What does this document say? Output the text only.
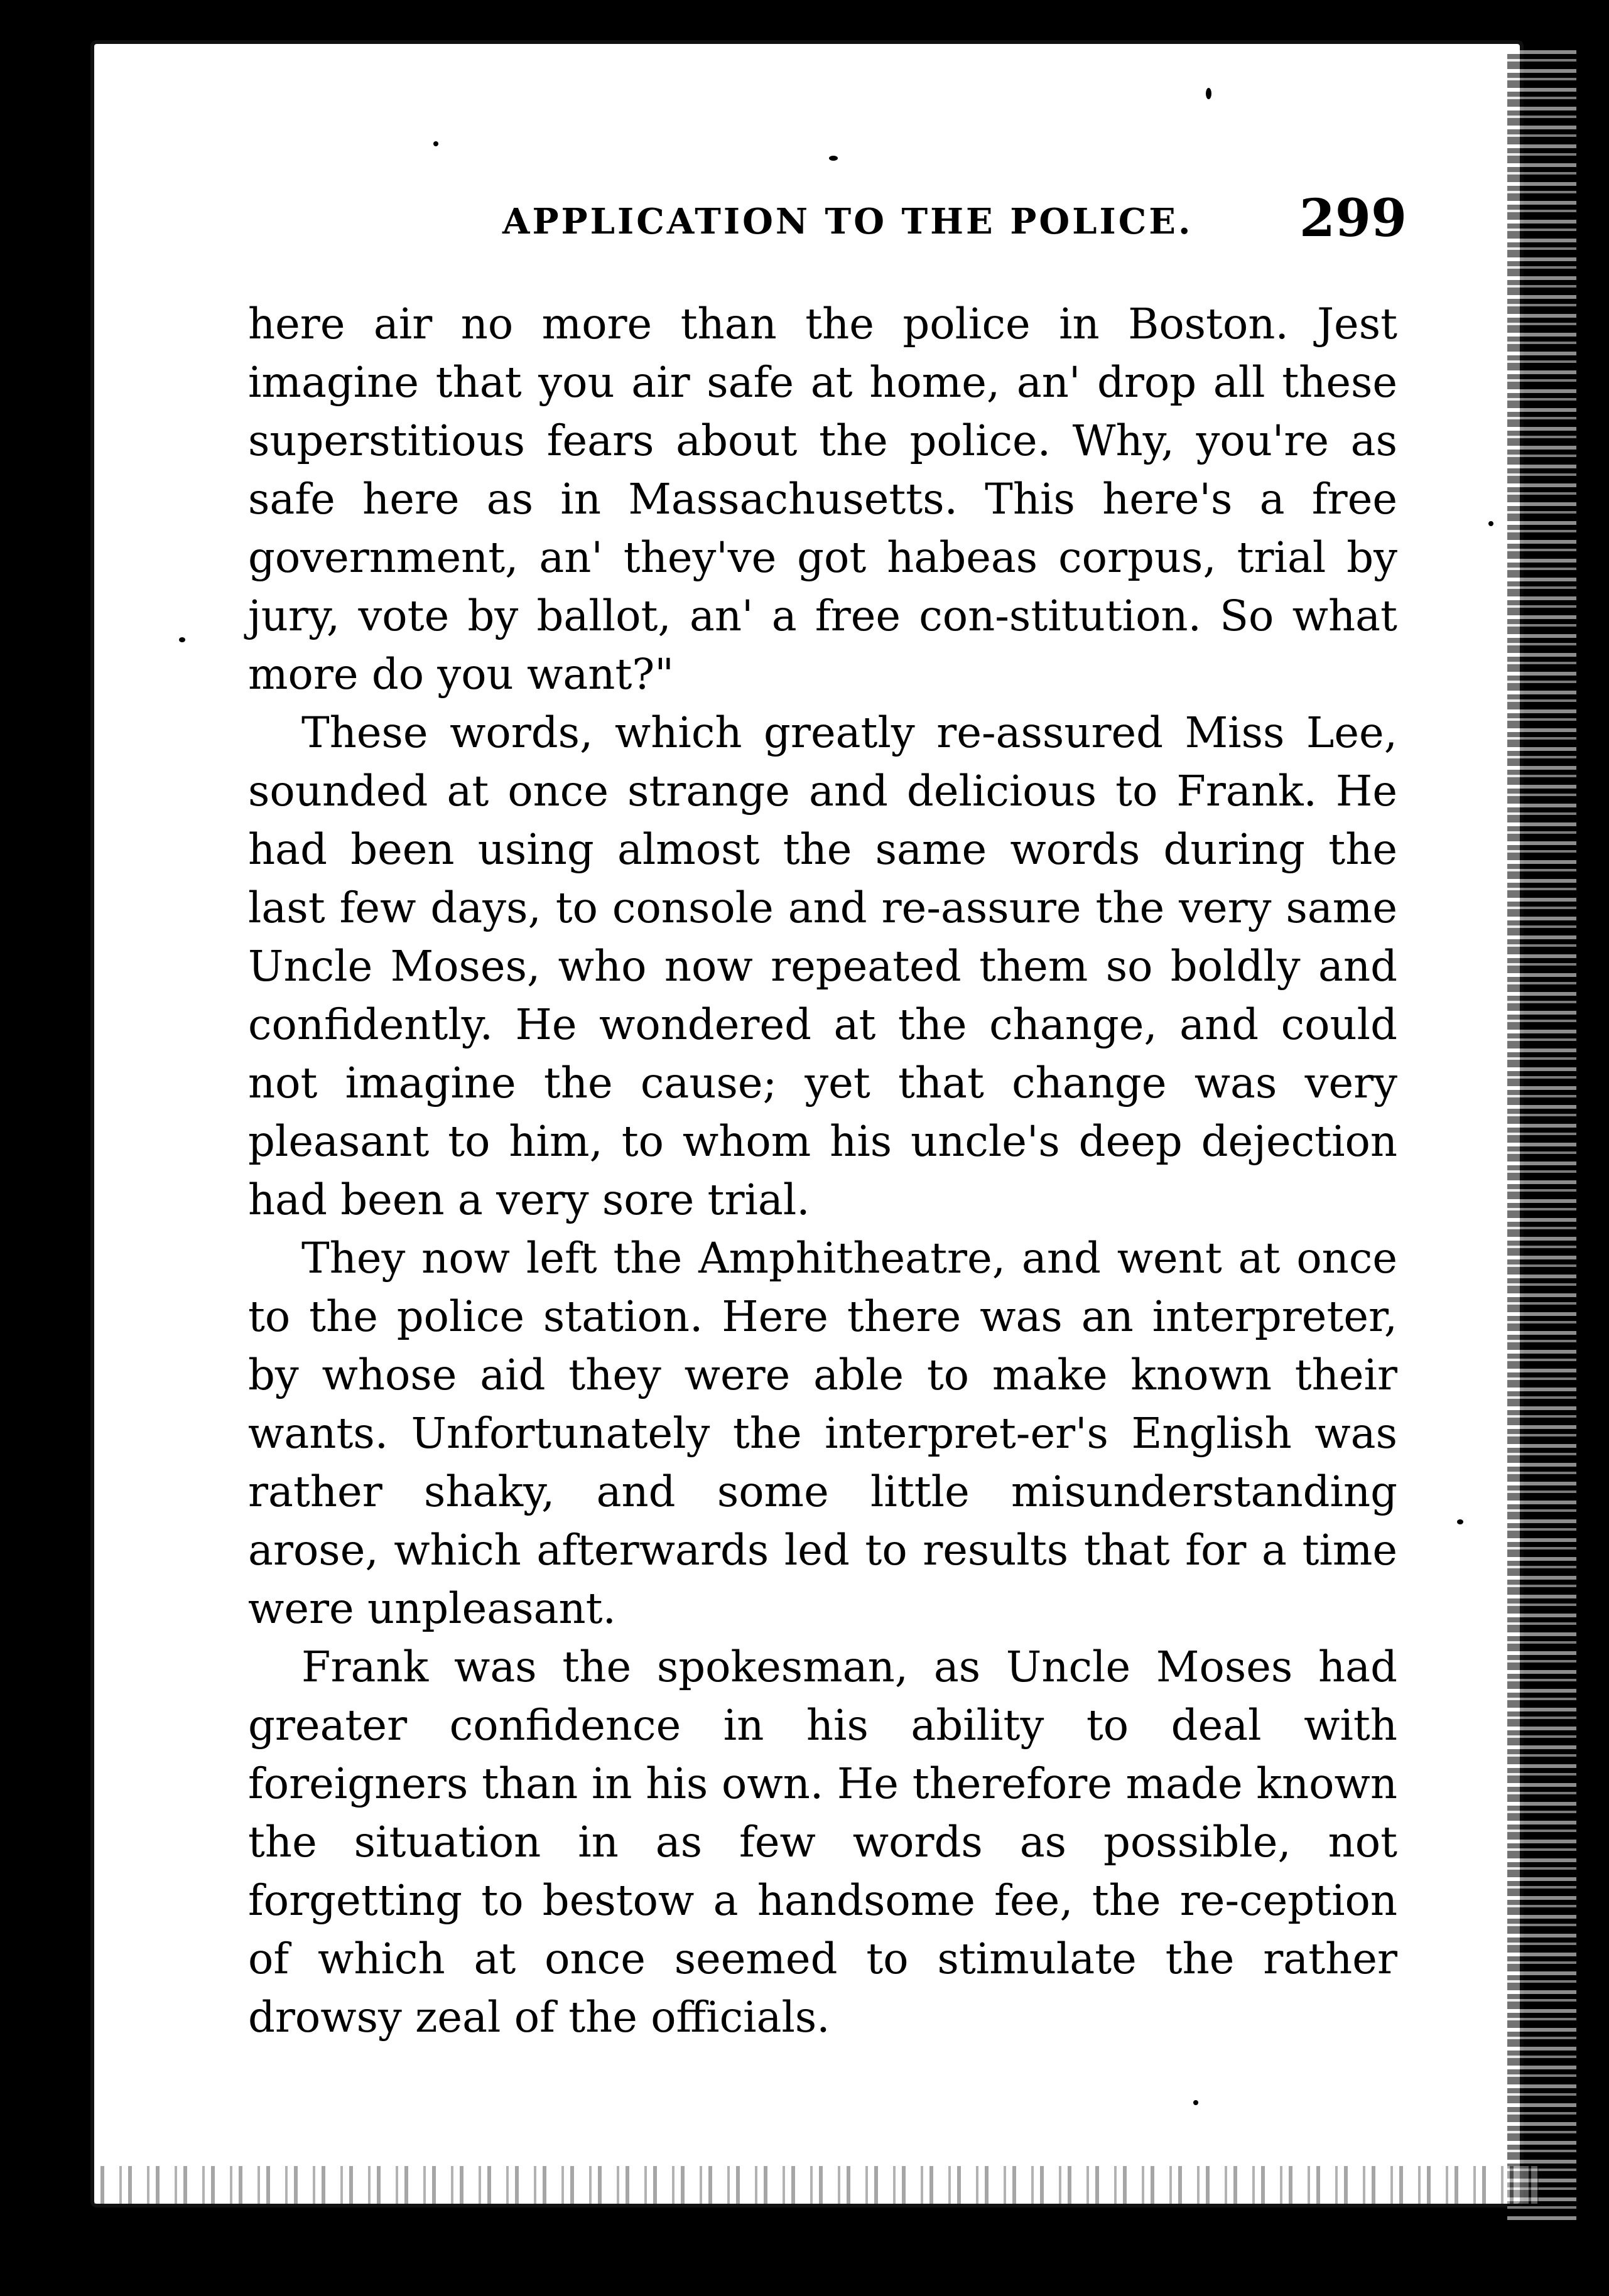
APPLICATION TO THE POLICE. 299

here air no more than the police in Boston. Jest imagine that you air safe at home, an' drop all these superstitious fears about the police. Why, you're as safe here as in Massachusetts. This here's a free government, an' they've got habeas corpus, trial by jury, vote by ballot, an' a free con-stitution. So what more do you want?"

These words, which greatly re-assured Miss Lee, sounded at once strange and delicious to Frank. He had been using almost the same words during the last few days, to console and re-assure the very same Uncle Moses, who now repeated them so boldly and confidently. He wondered at the change, and could not imagine the cause; yet that change was very pleasant to him, to whom his uncle's deep dejection had been a very sore trial.

They now left the Amphitheatre, and went at once to the police station. Here there was an interpreter, by whose aid they were able to make known their wants. Unfortunately the interpret-er's English was rather shaky, and some little misunderstanding arose, which afterwards led to results that for a time were unpleasant.

Frank was the spokesman, as Uncle Moses had greater confidence in his ability to deal with foreigners than in his own. He therefore made known the situation in as few words as possible, not forgetting to bestow a handsome fee, the re-ception of which at once seemed to stimulate the rather drowsy zeal of the officials.
